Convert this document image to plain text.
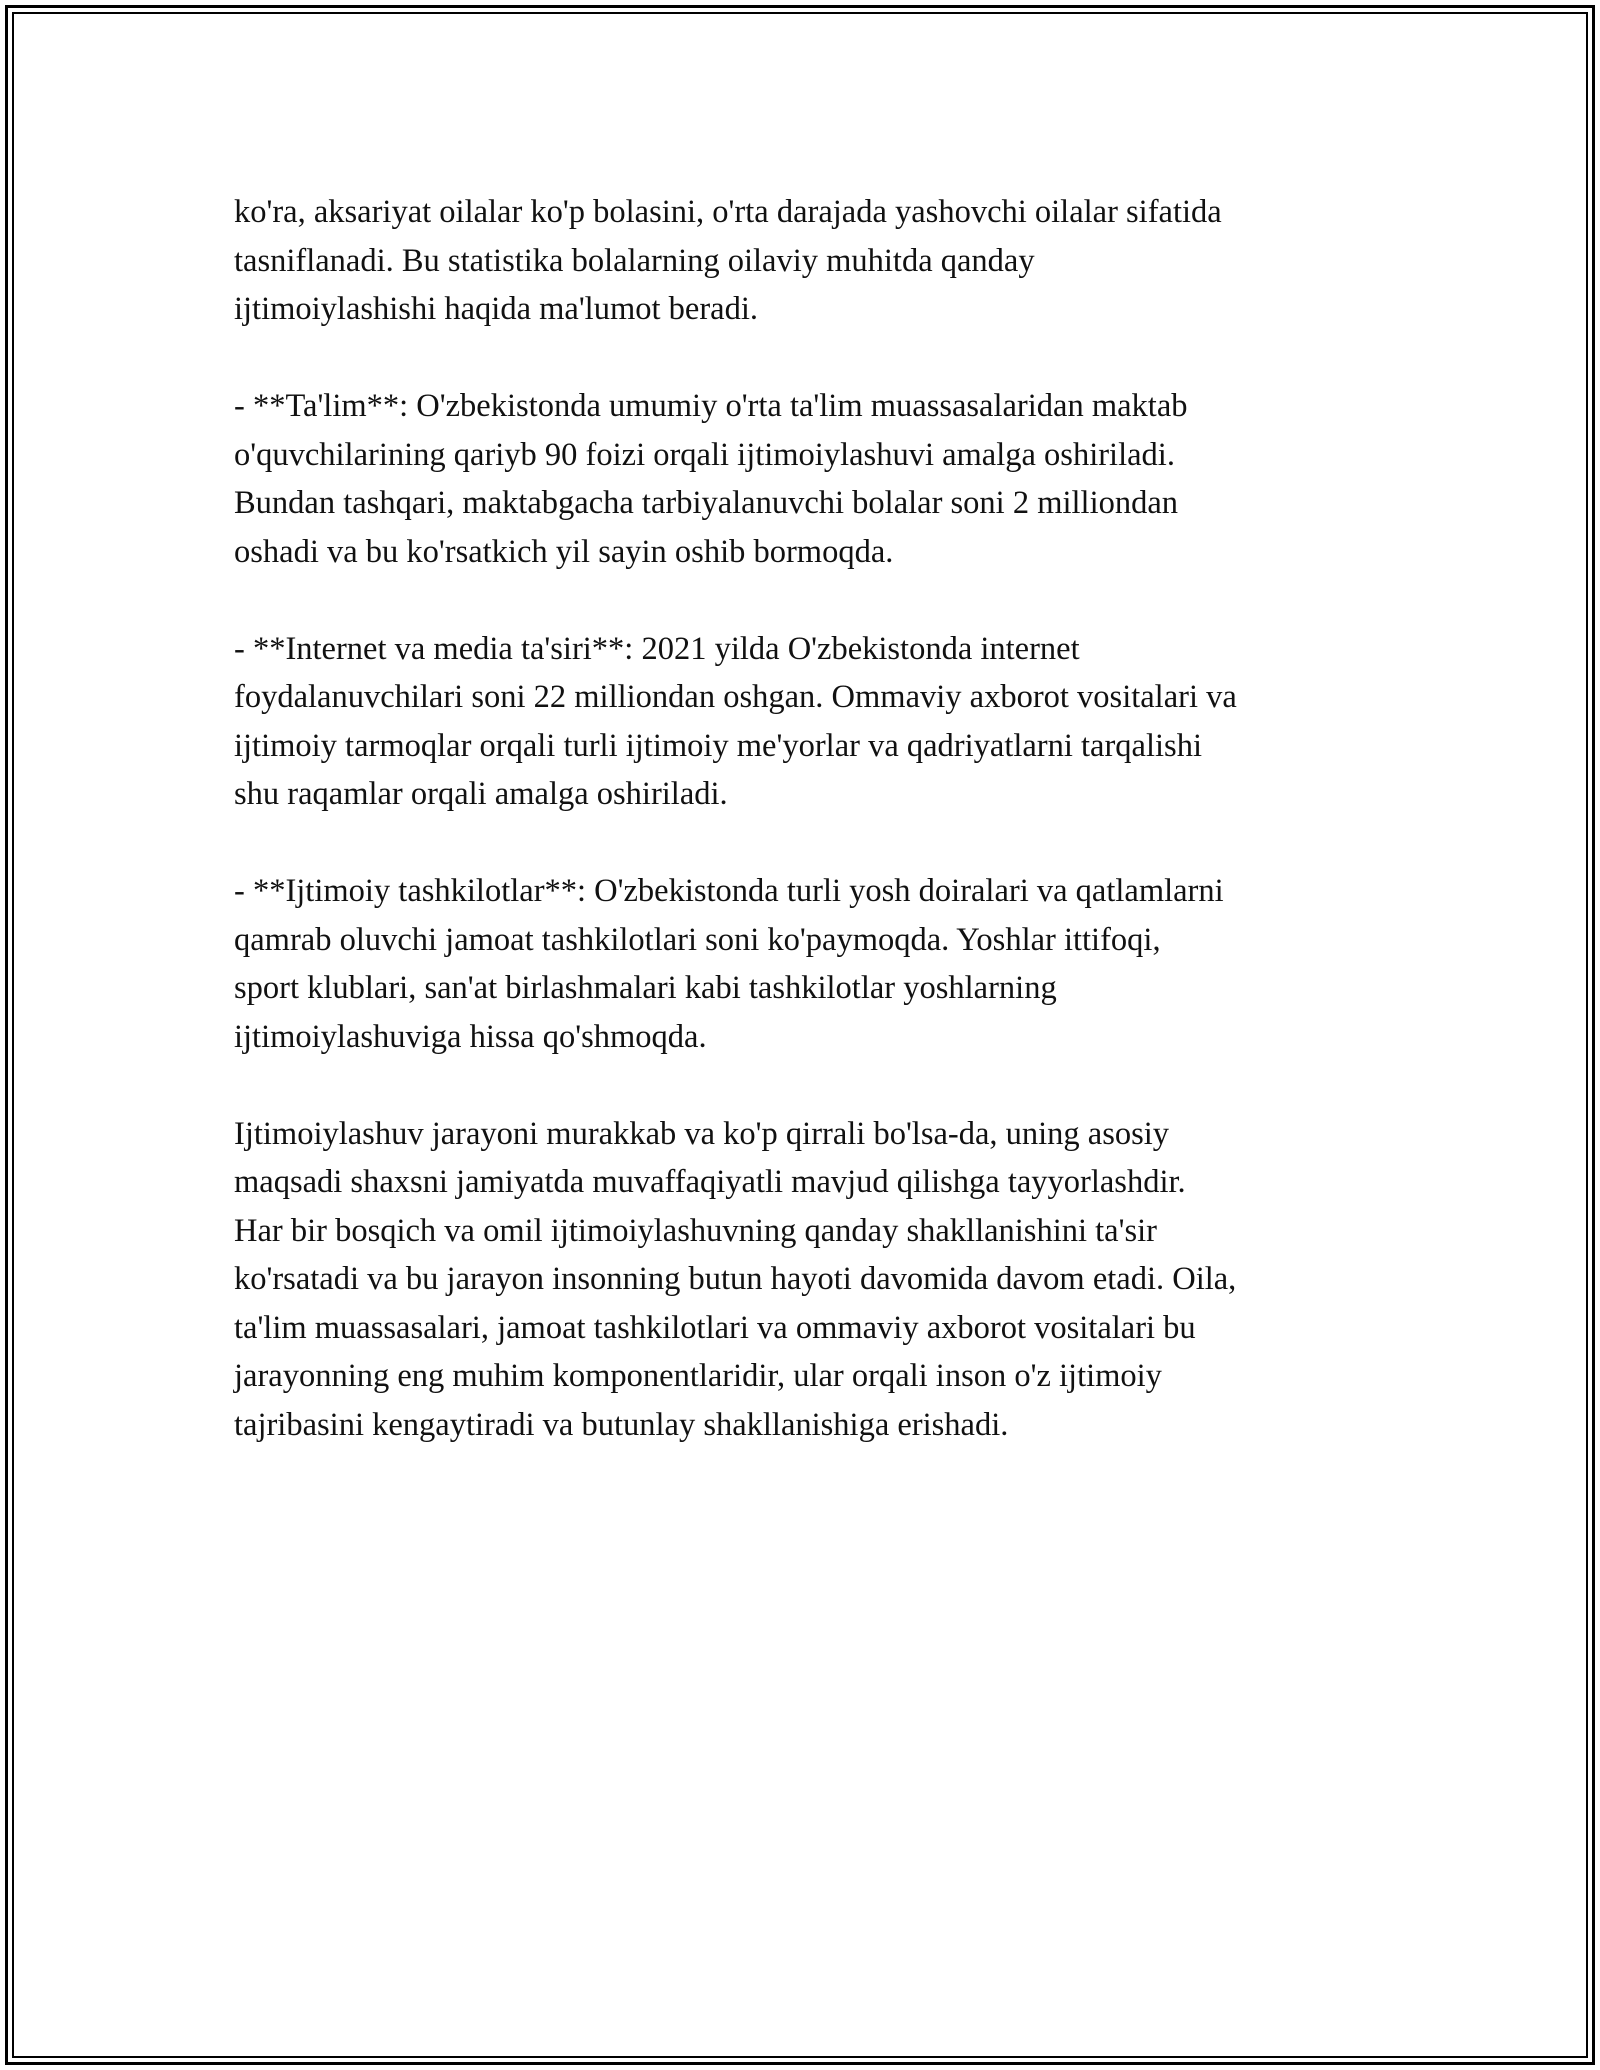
ko'ra, aksariyat oilalar ko'p bolasini, o'rta darajada yashovchi oilalar sifatida
tasniflanadi. Bu statistika bolalarning oilaviy muhitda qanday
ijtimoiylashishi haqida ma'lumot beradi.

- **Ta'lim**: O'zbekistonda umumiy o'rta ta'lim muassasalaridan maktab
o'quvchilarining qariyb 90 foizi orqali ijtimoiylashuvi amalga oshiriladi.
Bundan tashqari, maktabgacha tarbiyalanuvchi bolalar soni 2 milliondan
oshadi va bu ko'rsatkich yil sayin oshib bormoqda.

- **Internet va media ta'siri**: 2021 yilda O'zbekistonda internet
foydalanuvchilari soni 22 milliondan oshgan. Ommaviy axborot vositalari va
ijtimoiy tarmoqlar orqali turli ijtimoiy me'yorlar va qadriyatlarni tarqalishi
shu raqamlar orqali amalga oshiriladi.

- **Ijtimoiy tashkilotlar**: O'zbekistonda turli yosh doiralari va qatlamlarni
qamrab oluvchi jamoat tashkilotlari soni ko'paymoqda. Yoshlar ittifoqi,
sport klublari, san'at birlashmalari kabi tashkilotlar yoshlarning
ijtimoiylashuviga hissa qo'shmoqda.

Ijtimoiylashuv jarayoni murakkab va ko'p qirrali bo'lsa-da, uning asosiy
maqsadi shaxsni jamiyatda muvaffaqiyatli mavjud qilishga tayyorlashdir.
Har bir bosqich va omil ijtimoiylashuvning qanday shakllanishini ta'sir
ko'rsatadi va bu jarayon insonning butun hayoti davomida davom etadi. Oila,
ta'lim muassasalari, jamoat tashkilotlari va ommaviy axborot vositalari bu
jarayonning eng muhim komponentlaridir, ular orqali inson o'z ijtimoiy
tajribasini kengaytiradi va butunlay shakllanishiga erishadi.
